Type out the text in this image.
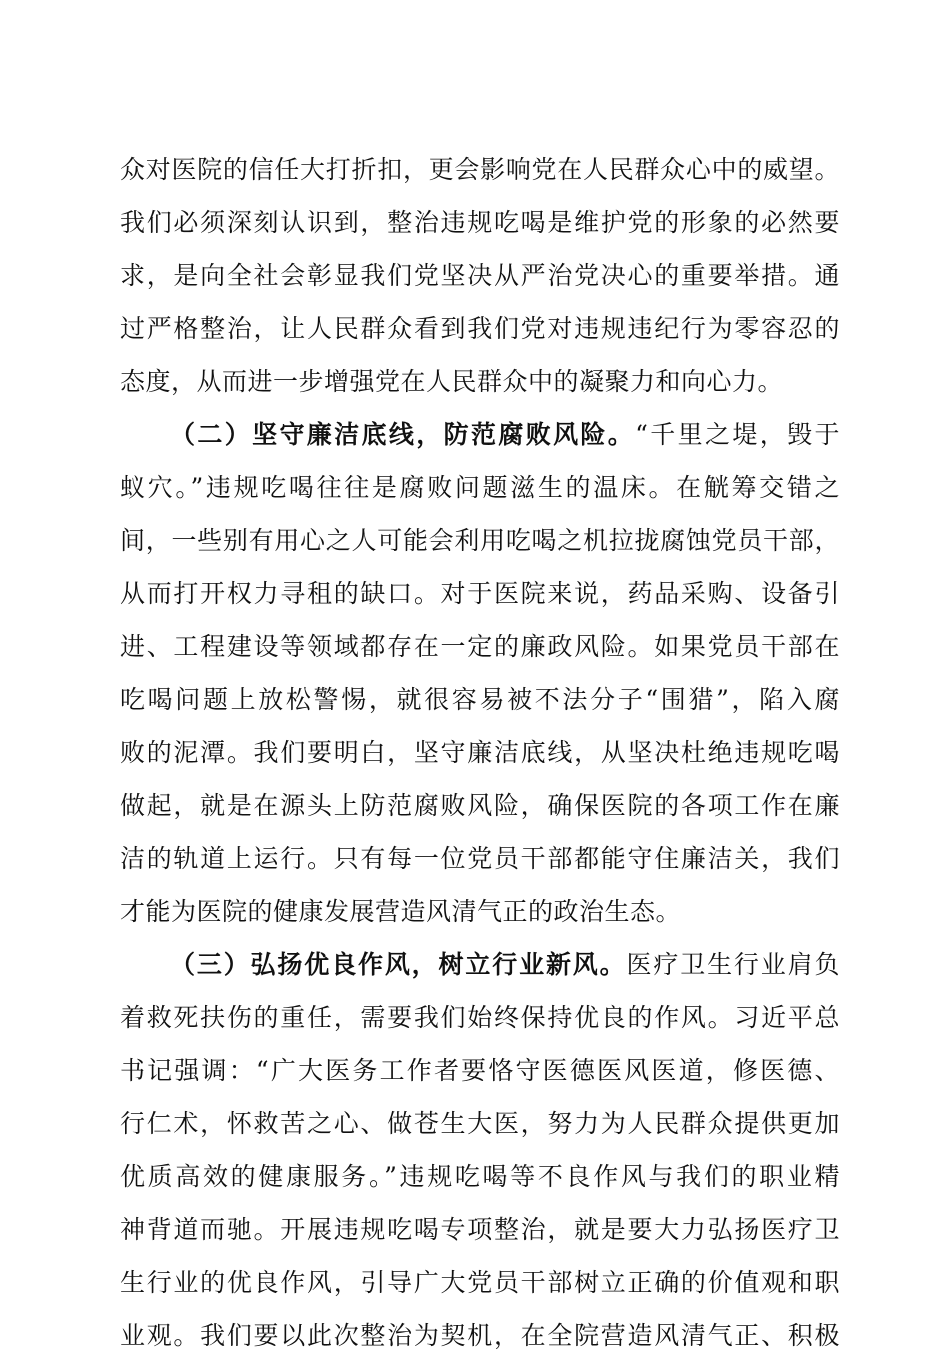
众对医院的信任大打折扣，更会影响党在人民群众心中的威望。
我们必须深刻认识到，整治违规吃喝是维护党的形象的必然要
求，是向全社会彰显我们党坚决从严治党决心的重要举措。通
过严格整治，让人民群众看到我们党对违规违纪行为零容忍的
态度，从而进一步增强党在人民群众中的凝聚力和向心力。
（二）坚守廉洁底线，防范腐败风险。“千里之堤，毁于
蚁穴。”违规吃喝往往是腐败问题滋生的温床。在觥筹交错之
间，一些别有用心之人可能会利用吃喝之机拉拢腐蚀党员干部，
从而打开权力寻租的缺口。对于医院来说，药品采购、设备引
进、工程建设等领域都存在一定的廉政风险。如果党员干部在
吃喝问题上放松警惕，就很容易被不法分子“围猎”，陷入腐
败的泥潭。我们要明白，坚守廉洁底线，从坚决杜绝违规吃喝
做起，就是在源头上防范腐败风险，确保医院的各项工作在廉
洁的轨道上运行。只有每一位党员干部都能守住廉洁关，我们
才能为医院的健康发展营造风清气正的政治生态。
（三）弘扬优良作风，树立行业新风。医疗卫生行业肩负
着救死扶伤的重任，需要我们始终保持优良的作风。习近平总
书记强调：“广大医务工作者要恪守医德医风医道，修医德、
行仁术，怀救苦之心、做苍生大医，努力为人民群众提供更加
优质高效的健康服务。”违规吃喝等不良作风与我们的职业精
神背道而驰。开展违规吃喝专项整治，就是要大力弘扬医疗卫
生行业的优良作风，引导广大党员干部树立正确的价值观和职
业观。我们要以此次整治为契机，在全院营造风清气正、积极
